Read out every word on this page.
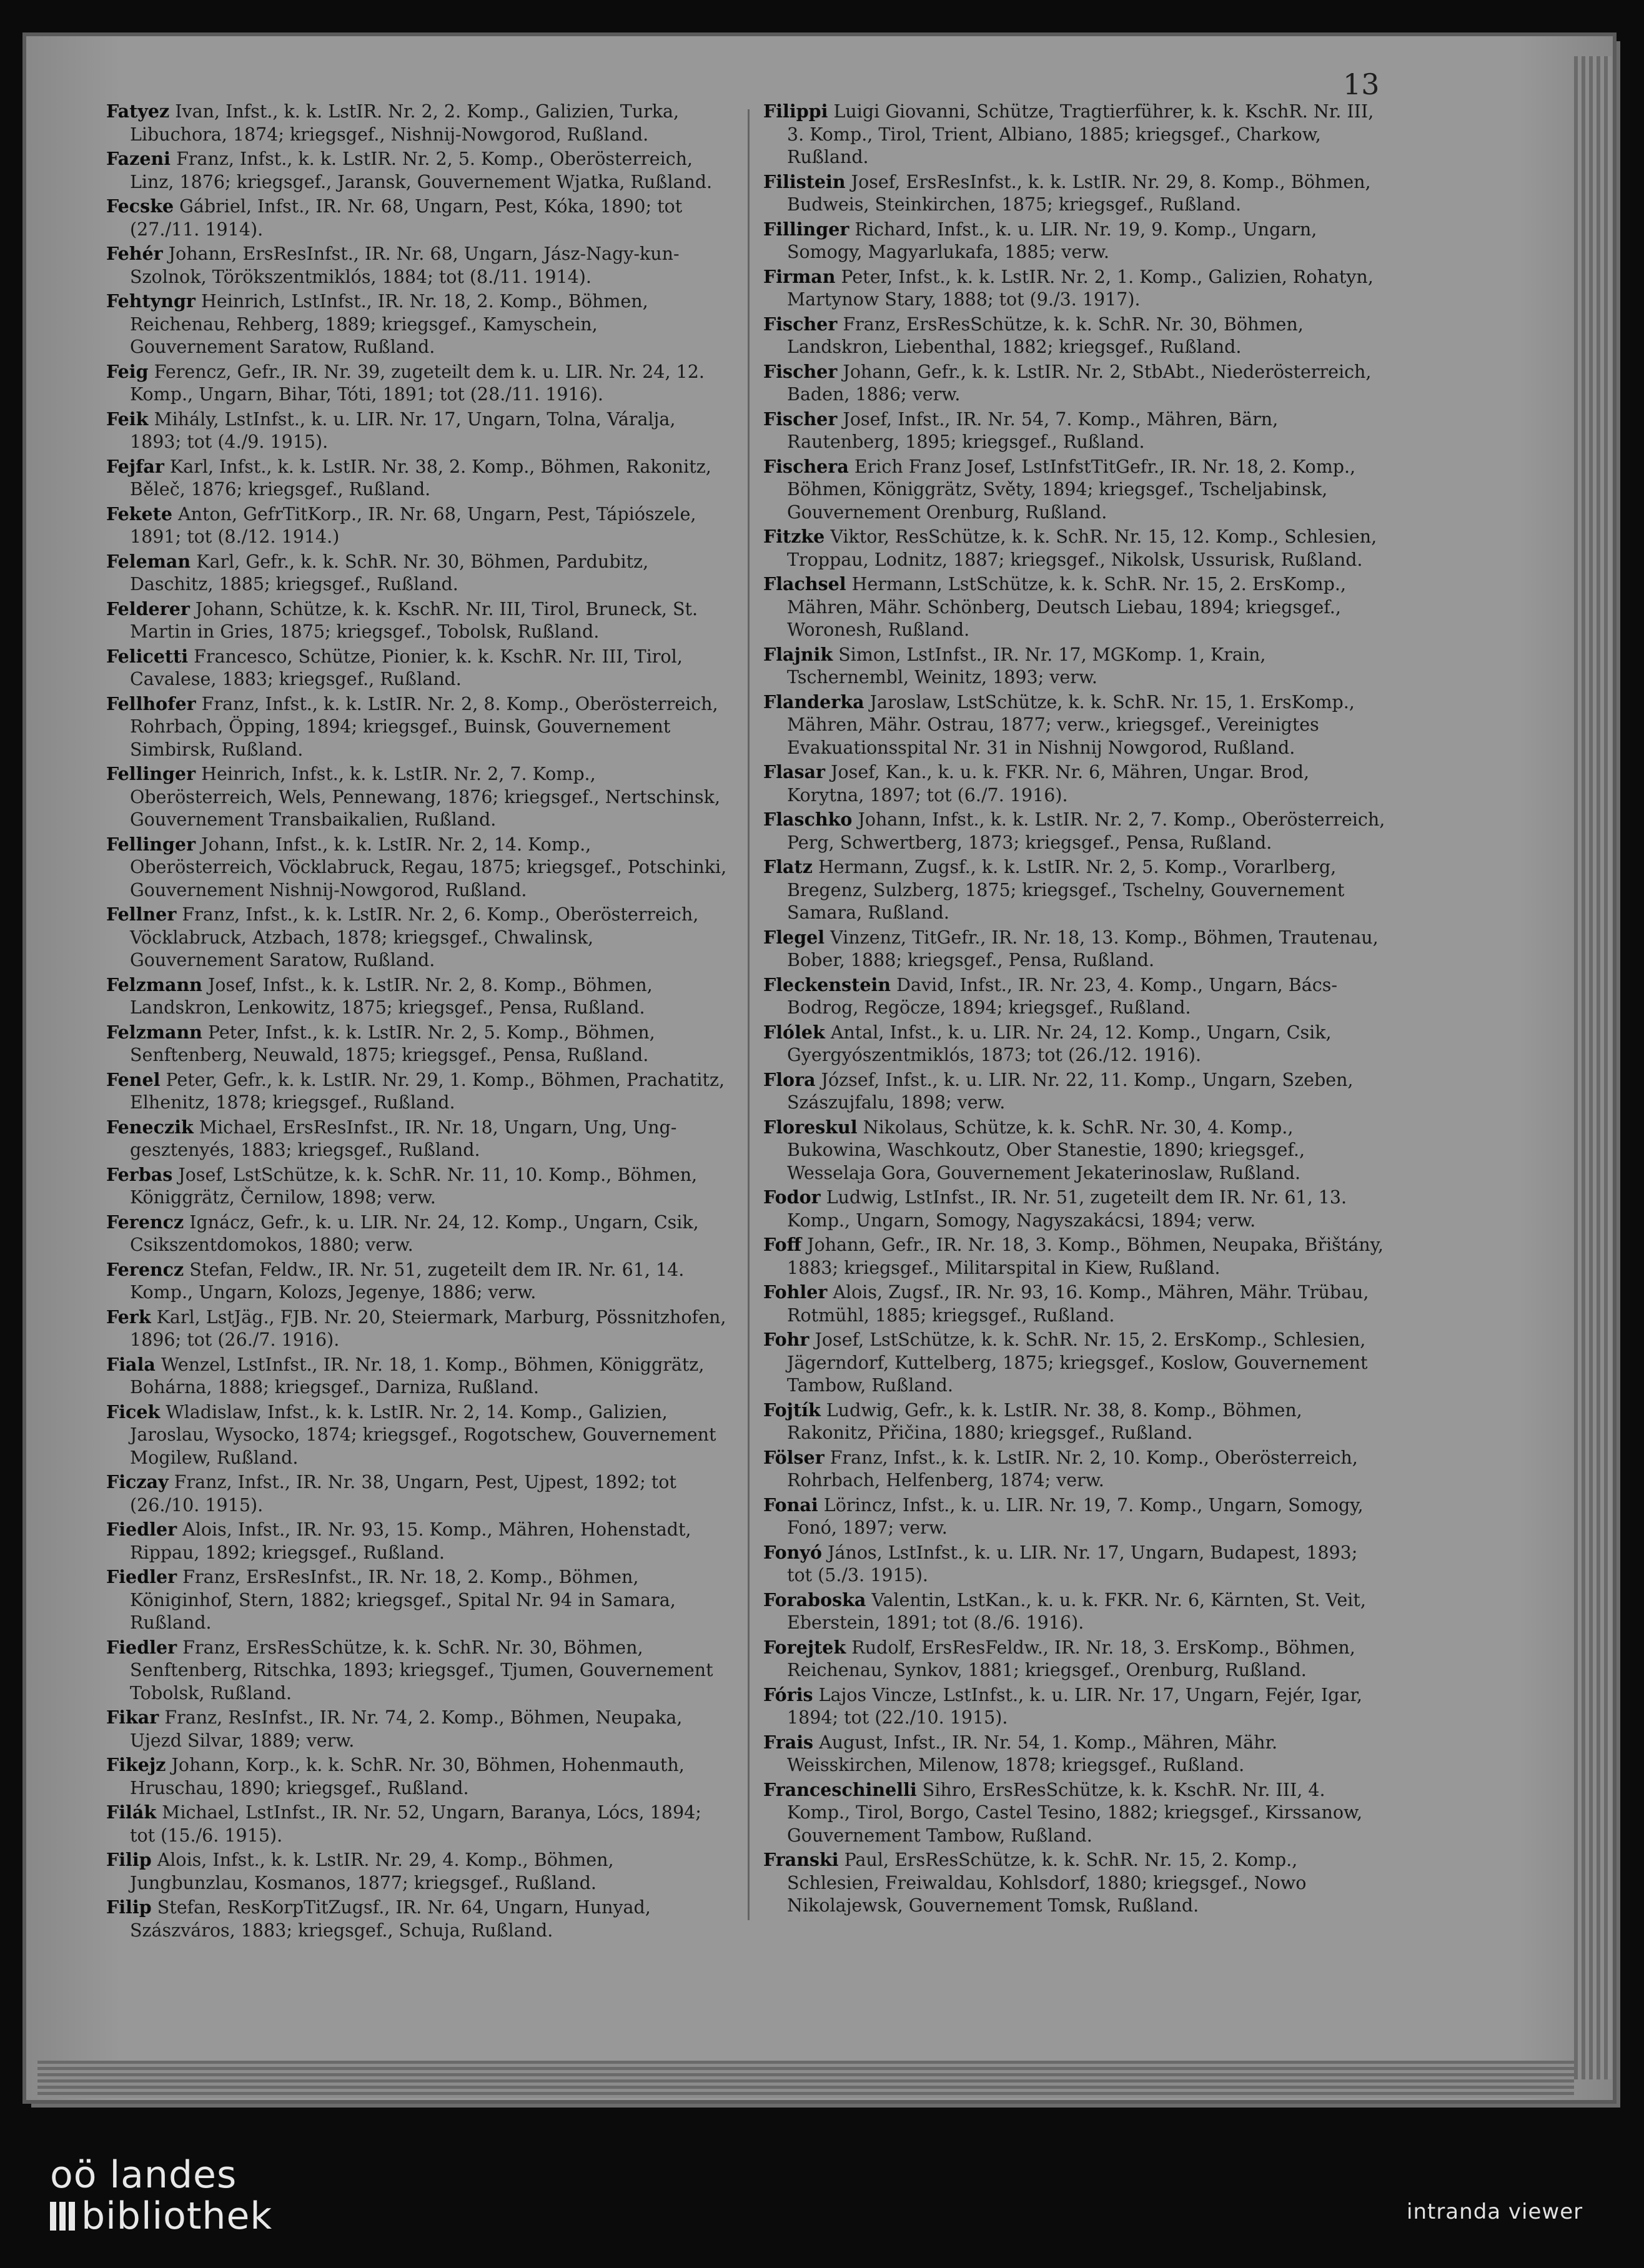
13

Fatyez Ivan, Infst., k. k. LstIR. Nr. 2, 2. Komp., Galizien, Turka, Libuchora, 1874; kriegsgef., Nishnij-Nowgorod, Rußland.

Fazeni Franz, Infst., k. k. LstIR. Nr. 2, 5. Komp., Oberösterreich, Linz, 1876; kriegsgef., Jaransk, Gouvernement Wjatka, Rußland.

Fecske Gábriel, Infst., IR. Nr. 68, Ungarn, Pest, Kóka, 1890; tot (27./11. 1914).

Fehér Johann, ErsResInfst., IR. Nr. 68, Ungarn, Jász-Nagy-kun-Szolnok, Törökszentmiklós, 1884; tot (8./11. 1914).

Fehtyngr Heinrich, LstInfst., IR. Nr. 18, 2. Komp., Böhmen, Reichenau, Rehberg, 1889; kriegsgef., Kamyschein, Gouvernement Saratow, Rußland.

Feig Ferencz, Gefr., IR. Nr. 39, zugeteilt dem k. u. LIR. Nr. 24, 12. Komp., Ungarn, Bihar, Tóti, 1891; tot (28./11. 1916).

Feik Mihály, LstInfst., k. u. LIR. Nr. 17, Ungarn, Tolna, Váralja, 1893; tot (4./9. 1915).

Fejfar Karl, Infst., k. k. LstIR. Nr. 38, 2. Komp., Böhmen, Rakonitz, Běleč, 1876; kriegsgef., Rußland.

Fekete Anton, GefrTitKorp., IR. Nr. 68, Ungarn, Pest, Tápiószele, 1891; tot (8./12. 1914.)

Feleman Karl, Gefr., k. k. SchR. Nr. 30, Böhmen, Pardubitz, Daschitz, 1885; kriegsgef., Rußland.

Felderer Johann, Schütze, k. k. KschR. Nr. III, Tirol, Bruneck, St. Martin in Gries, 1875; kriegsgef., Tobolsk, Rußland.

Felicetti Francesco, Schütze, Pionier, k. k. KschR. Nr. III, Tirol, Cavalese, 1883; kriegsgef., Rußland.

Fellhofer Franz, Infst., k. k. LstIR. Nr. 2, 8. Komp., Oberösterreich, Rohrbach, Öpping, 1894; kriegsgef., Buinsk, Gouvernement Simbirsk, Rußland.

Fellinger Heinrich, Infst., k. k. LstIR. Nr. 2, 7. Komp., Oberösterreich, Wels, Pennewang, 1876; kriegsgef., Nertschinsk, Gouvernement Transbaikalien, Rußland.

Fellinger Johann, Infst., k. k. LstIR. Nr. 2, 14. Komp., Oberösterreich, Vöcklabruck, Regau, 1875; kriegsgef., Potschinki, Gouvernement Nishnij-Nowgorod, Rußland.

Fellner Franz, Infst., k. k. LstIR. Nr. 2, 6. Komp., Oberösterreich, Vöcklabruck, Atzbach, 1878; kriegsgef., Chwalinsk, Gouvernement Saratow, Rußland.

Felzmann Josef, Infst., k. k. LstIR. Nr. 2, 8. Komp., Böhmen, Landskron, Lenkowitz, 1875; kriegsgef., Pensa, Rußland.

Felzmann Peter, Infst., k. k. LstIR. Nr. 2, 5. Komp., Böhmen, Senftenberg, Neuwald, 1875; kriegsgef., Pensa, Rußland.

Fenel Peter, Gefr., k. k. LstIR. Nr. 29, 1. Komp., Böhmen, Prachatitz, Elhenitz, 1878; kriegsgef., Rußland.

Feneczik Michael, ErsResInfst., IR. Nr. 18, Ungarn, Ung, Ung-gesztenyés, 1883; kriegsgef., Rußland.

Ferbas Josef, LstSchütze, k. k. SchR. Nr. 11, 10. Komp., Böhmen, Königgrätz, Černilow, 1898; verw.

Ferencz Ignácz, Gefr., k. u. LIR. Nr. 24, 12. Komp., Ungarn, Csik, Csikszentdomokos, 1880; verw.

Ferencz Stefan, Feldw., IR. Nr. 51, zugeteilt dem IR. Nr. 61, 14. Komp., Ungarn, Kolozs, Jegenye, 1886; verw.

Ferk Karl, LstJäg., FJB. Nr. 20, Steiermark, Marburg, Pössnitzhofen, 1896; tot (26./7. 1916).

Fiala Wenzel, LstInfst., IR. Nr. 18, 1. Komp., Böhmen, Königgrätz, Bohárna, 1888; kriegsgef., Darniza, Rußland.

Ficek Wladislaw, Infst., k. k. LstIR. Nr. 2, 14. Komp., Galizien, Jaroslau, Wysocko, 1874; kriegsgef., Rogotschew, Gouvernement Mogilew, Rußland.

Ficzay Franz, Infst., IR. Nr. 38, Ungarn, Pest, Ujpest, 1892; tot (26./10. 1915).

Fiedler Alois, Infst., IR. Nr. 93, 15. Komp., Mähren, Hohenstadt, Rippau, 1892; kriegsgef., Rußland.

Fiedler Franz, ErsResInfst., IR. Nr. 18, 2. Komp., Böhmen, Königinhof, Stern, 1882; kriegsgef., Spital Nr. 94 in Samara, Rußland.

Fiedler Franz, ErsResSchütze, k. k. SchR. Nr. 30, Böhmen, Senftenberg, Ritschka, 1893; kriegsgef., Tjumen, Gouvernement Tobolsk, Rußland.

Fikar Franz, ResInfst., IR. Nr. 74, 2. Komp., Böhmen, Neupaka, Ujezd Silvar, 1889; verw.

Fikejz Johann, Korp., k. k. SchR. Nr. 30, Böhmen, Hohenmauth, Hruschau, 1890; kriegsgef., Rußland.

Filák Michael, LstInfst., IR. Nr. 52, Ungarn, Baranya, Lócs, 1894; tot (15./6. 1915).

Filip Alois, Infst., k. k. LstIR. Nr. 29, 4. Komp., Böhmen, Jungbunzlau, Kosmanos, 1877; kriegsgef., Rußland.

Filip Stefan, ResKorpTitZugsf., IR. Nr. 64, Ungarn, Hunyad, Szászváros, 1883; kriegsgef., Schuja, Rußland.

Filippi Luigi Giovanni, Schütze, Tragtierführer, k. k. KschR. Nr. III, 3. Komp., Tirol, Trient, Albiano, 1885; kriegsgef., Charkow, Rußland.

Filistein Josef, ErsResInfst., k. k. LstIR. Nr. 29, 8. Komp., Böhmen, Budweis, Steinkirchen, 1875; kriegsgef., Rußland.

Fillinger Richard, Infst., k. u. LIR. Nr. 19, 9. Komp., Ungarn, Somogy, Magyarlukafa, 1885; verw.

Firman Peter, Infst., k. k. LstIR. Nr. 2, 1. Komp., Galizien, Rohatyn, Martynow Stary, 1888; tot (9./3. 1917).

Fischer Franz, ErsResSchütze, k. k. SchR. Nr. 30, Böhmen, Landskron, Liebenthal, 1882; kriegsgef., Rußland.

Fischer Johann, Gefr., k. k. LstIR. Nr. 2, StbAbt., Niederösterreich, Baden, 1886; verw.

Fischer Josef, Infst., IR. Nr. 54, 7. Komp., Mähren, Bärn, Rautenberg, 1895; kriegsgef., Rußland.

Fischera Erich Franz Josef, LstInfstTitGefr., IR. Nr. 18, 2. Komp., Böhmen, Königgrätz, Světy, 1894; kriegsgef., Tscheljabinsk, Gouvernement Orenburg, Rußland.

Fitzke Viktor, ResSchütze, k. k. SchR. Nr. 15, 12. Komp., Schlesien, Troppau, Lodnitz, 1887; kriegsgef., Nikolsk, Ussurisk, Rußland.

Flachsel Hermann, LstSchütze, k. k. SchR. Nr. 15, 2. ErsKomp., Mähren, Mähr. Schönberg, Deutsch Liebau, 1894; kriegsgef., Woronesh, Rußland.

Flajnik Simon, LstInfst., IR. Nr. 17, MGKomp. 1, Krain, Tschernembl, Weinitz, 1893; verw.

Flanderka Jaroslaw, LstSchütze, k. k. SchR. Nr. 15, 1. ErsKomp., Mähren, Mähr. Ostrau, 1877; verw., kriegsgef., Vereinigtes Evakuationsspital Nr. 31 in Nishnij Nowgorod, Rußland.

Flasar Josef, Kan., k. u. k. FKR. Nr. 6, Mähren, Ungar. Brod, Korytna, 1897; tot (6./7. 1916).

Flaschko Johann, Infst., k. k. LstIR. Nr. 2, 7. Komp., Oberösterreich, Perg, Schwertberg, 1873; kriegsgef., Pensa, Rußland.

Flatz Hermann, Zugsf., k. k. LstIR. Nr. 2, 5. Komp., Vorarlberg, Bregenz, Sulzberg, 1875; kriegsgef., Tschelny, Gouvernement Samara, Rußland.

Flegel Vinzenz, TitGefr., IR. Nr. 18, 13. Komp., Böhmen, Trautenau, Bober, 1888; kriegsgef., Pensa, Rußland.

Fleckenstein David, Infst., IR. Nr. 23, 4. Komp., Ungarn, Bács-Bodrog, Regöcze, 1894; kriegsgef., Rußland.

Flólek Antal, Infst., k. u. LIR. Nr. 24, 12. Komp., Ungarn, Csik, Gyergyószentmiklós, 1873; tot (26./12. 1916).

Flora József, Infst., k. u. LIR. Nr. 22, 11. Komp., Ungarn, Szeben, Szászujfalu, 1898; verw.

Floreskul Nikolaus, Schütze, k. k. SchR. Nr. 30, 4. Komp., Bukowina, Waschkoutz, Ober Stanestie, 1890; kriegsgef., Wesselaja Gora, Gouvernement Jekaterinoslaw, Rußland.

Fodor Ludwig, LstInfst., IR. Nr. 51, zugeteilt dem IR. Nr. 61, 13. Komp., Ungarn, Somogy, Nagyszakácsi, 1894; verw.

Foff Johann, Gefr., IR. Nr. 18, 3. Komp., Böhmen, Neupaka, Břištány, 1883; kriegsgef., Militarspital in Kiew, Rußland.

Fohler Alois, Zugsf., IR. Nr. 93, 16. Komp., Mähren, Mähr. Trübau, Rotmühl, 1885; kriegsgef., Rußland.

Fohr Josef, LstSchütze, k. k. SchR. Nr. 15, 2. ErsKomp., Schlesien, Jägerndorf, Kuttelberg, 1875; kriegsgef., Koslow, Gouvernement Tambow, Rußland.

Fojtík Ludwig, Gefr., k. k. LstIR. Nr. 38, 8. Komp., Böhmen, Rakonitz, Přičina, 1880; kriegsgef., Rußland.

Fölser Franz, Infst., k. k. LstIR. Nr. 2, 10. Komp., Oberösterreich, Rohrbach, Helfenberg, 1874; verw.

Fonai Lörincz, Infst., k. u. LIR. Nr. 19, 7. Komp., Ungarn, Somogy, Fonó, 1897; verw.

Fonyó János, LstInfst., k. u. LIR. Nr. 17, Ungarn, Budapest, 1893; tot (5./3. 1915).

Foraboska Valentin, LstKan., k. u. k. FKR. Nr. 6, Kärnten, St. Veit, Eberstein, 1891; tot (8./6. 1916).

Forejtek Rudolf, ErsResFeldw., IR. Nr. 18, 3. ErsKomp., Böhmen, Reichenau, Synkov, 1881; kriegsgef., Orenburg, Rußland.

Fóris Lajos Vincze, LstInfst., k. u. LIR. Nr. 17, Ungarn, Fejér, Igar, 1894; tot (22./10. 1915).

Frais August, Infst., IR. Nr. 54, 1. Komp., Mähren, Mähr. Weisskirchen, Milenow, 1878; kriegsgef., Rußland.

Franceschinelli Sihro, ErsResSchütze, k. k. KschR. Nr. III, 4. Komp., Tirol, Borgo, Castel Tesino, 1882; kriegsgef., Kirssanow, Gouvernement Tambow, Rußland.

Franski Paul, ErsResSchütze, k. k. SchR. Nr. 15, 2. Komp., Schlesien, Freiwaldau, Kohlsdorf, 1880; kriegsgef., Nowo Nikolajewsk, Gouvernement Tomsk, Rußland.

oö landes
bibliothek	intranda viewer
